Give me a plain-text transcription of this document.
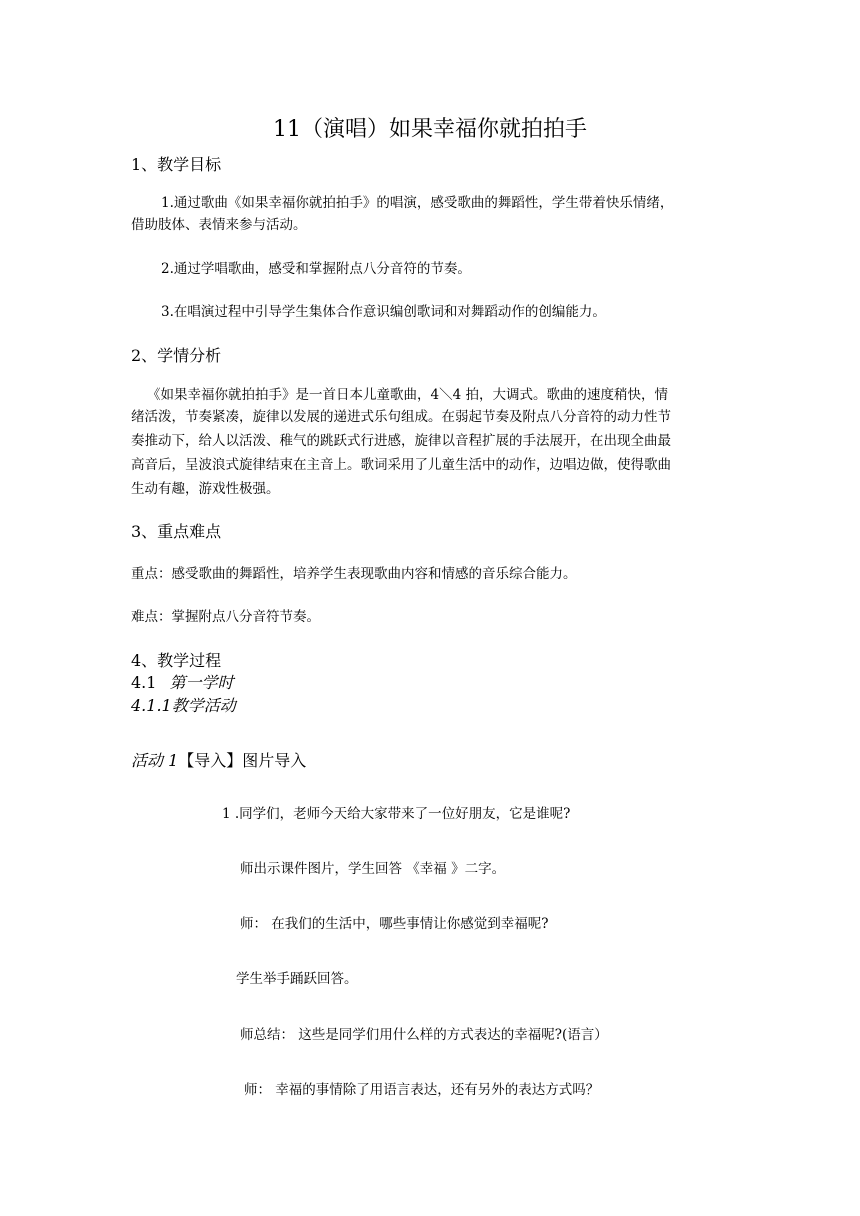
11（演唱）如果幸福你就拍拍手
1、教学目标
1.通过歌曲《如果幸福你就拍拍手》的唱演，感受歌曲的舞蹈性，学生带着快乐情绪，
借助肢体、表情来参与活动。
2.通过学唱歌曲，感受和掌握附点八分音符的节奏。
3.在唱演过程中引导学生集体合作意识编创歌词和对舞蹈动作的创编能力。
2、学情分析
《如果幸福你就拍拍手》是一首日本儿童歌曲，4＼4 拍，大调式。歌曲的速度稍快，情
绪活泼，节奏紧凑，旋律以发展的递进式乐句组成。在弱起节奏及附点八分音符的动力性节
奏推动下，给人以活泼、稚气的跳跃式行进感，旋律以音程扩展的手法展开，在出现全曲最
高音后，呈波浪式旋律结束在主音上。歌词采用了儿童生活中的动作，边唱边做，使得歌曲
生动有趣，游戏性极强。
3、重点难点
重点：感受歌曲的舞蹈性，培养学生表现歌曲内容和情感的音乐综合能力。
难点：掌握附点八分音符节奏。
4、教学过程
4.1 第一学时
4.1.1教学活动
活动 1【导入】图片导入
1 .同学们，老师今天给大家带来了一位好朋友，它是谁呢?
师出示课件图片，学生回答 《幸福 》二字。
师： 在我们的生活中，哪些事情让你感觉到幸福呢?
学生举手踊跃回答。
师总结： 这些是同学们用什么样的方式表达的幸福呢?(语言）
师： 幸福的事情除了用语言表达，还有另外的表达方式吗？
